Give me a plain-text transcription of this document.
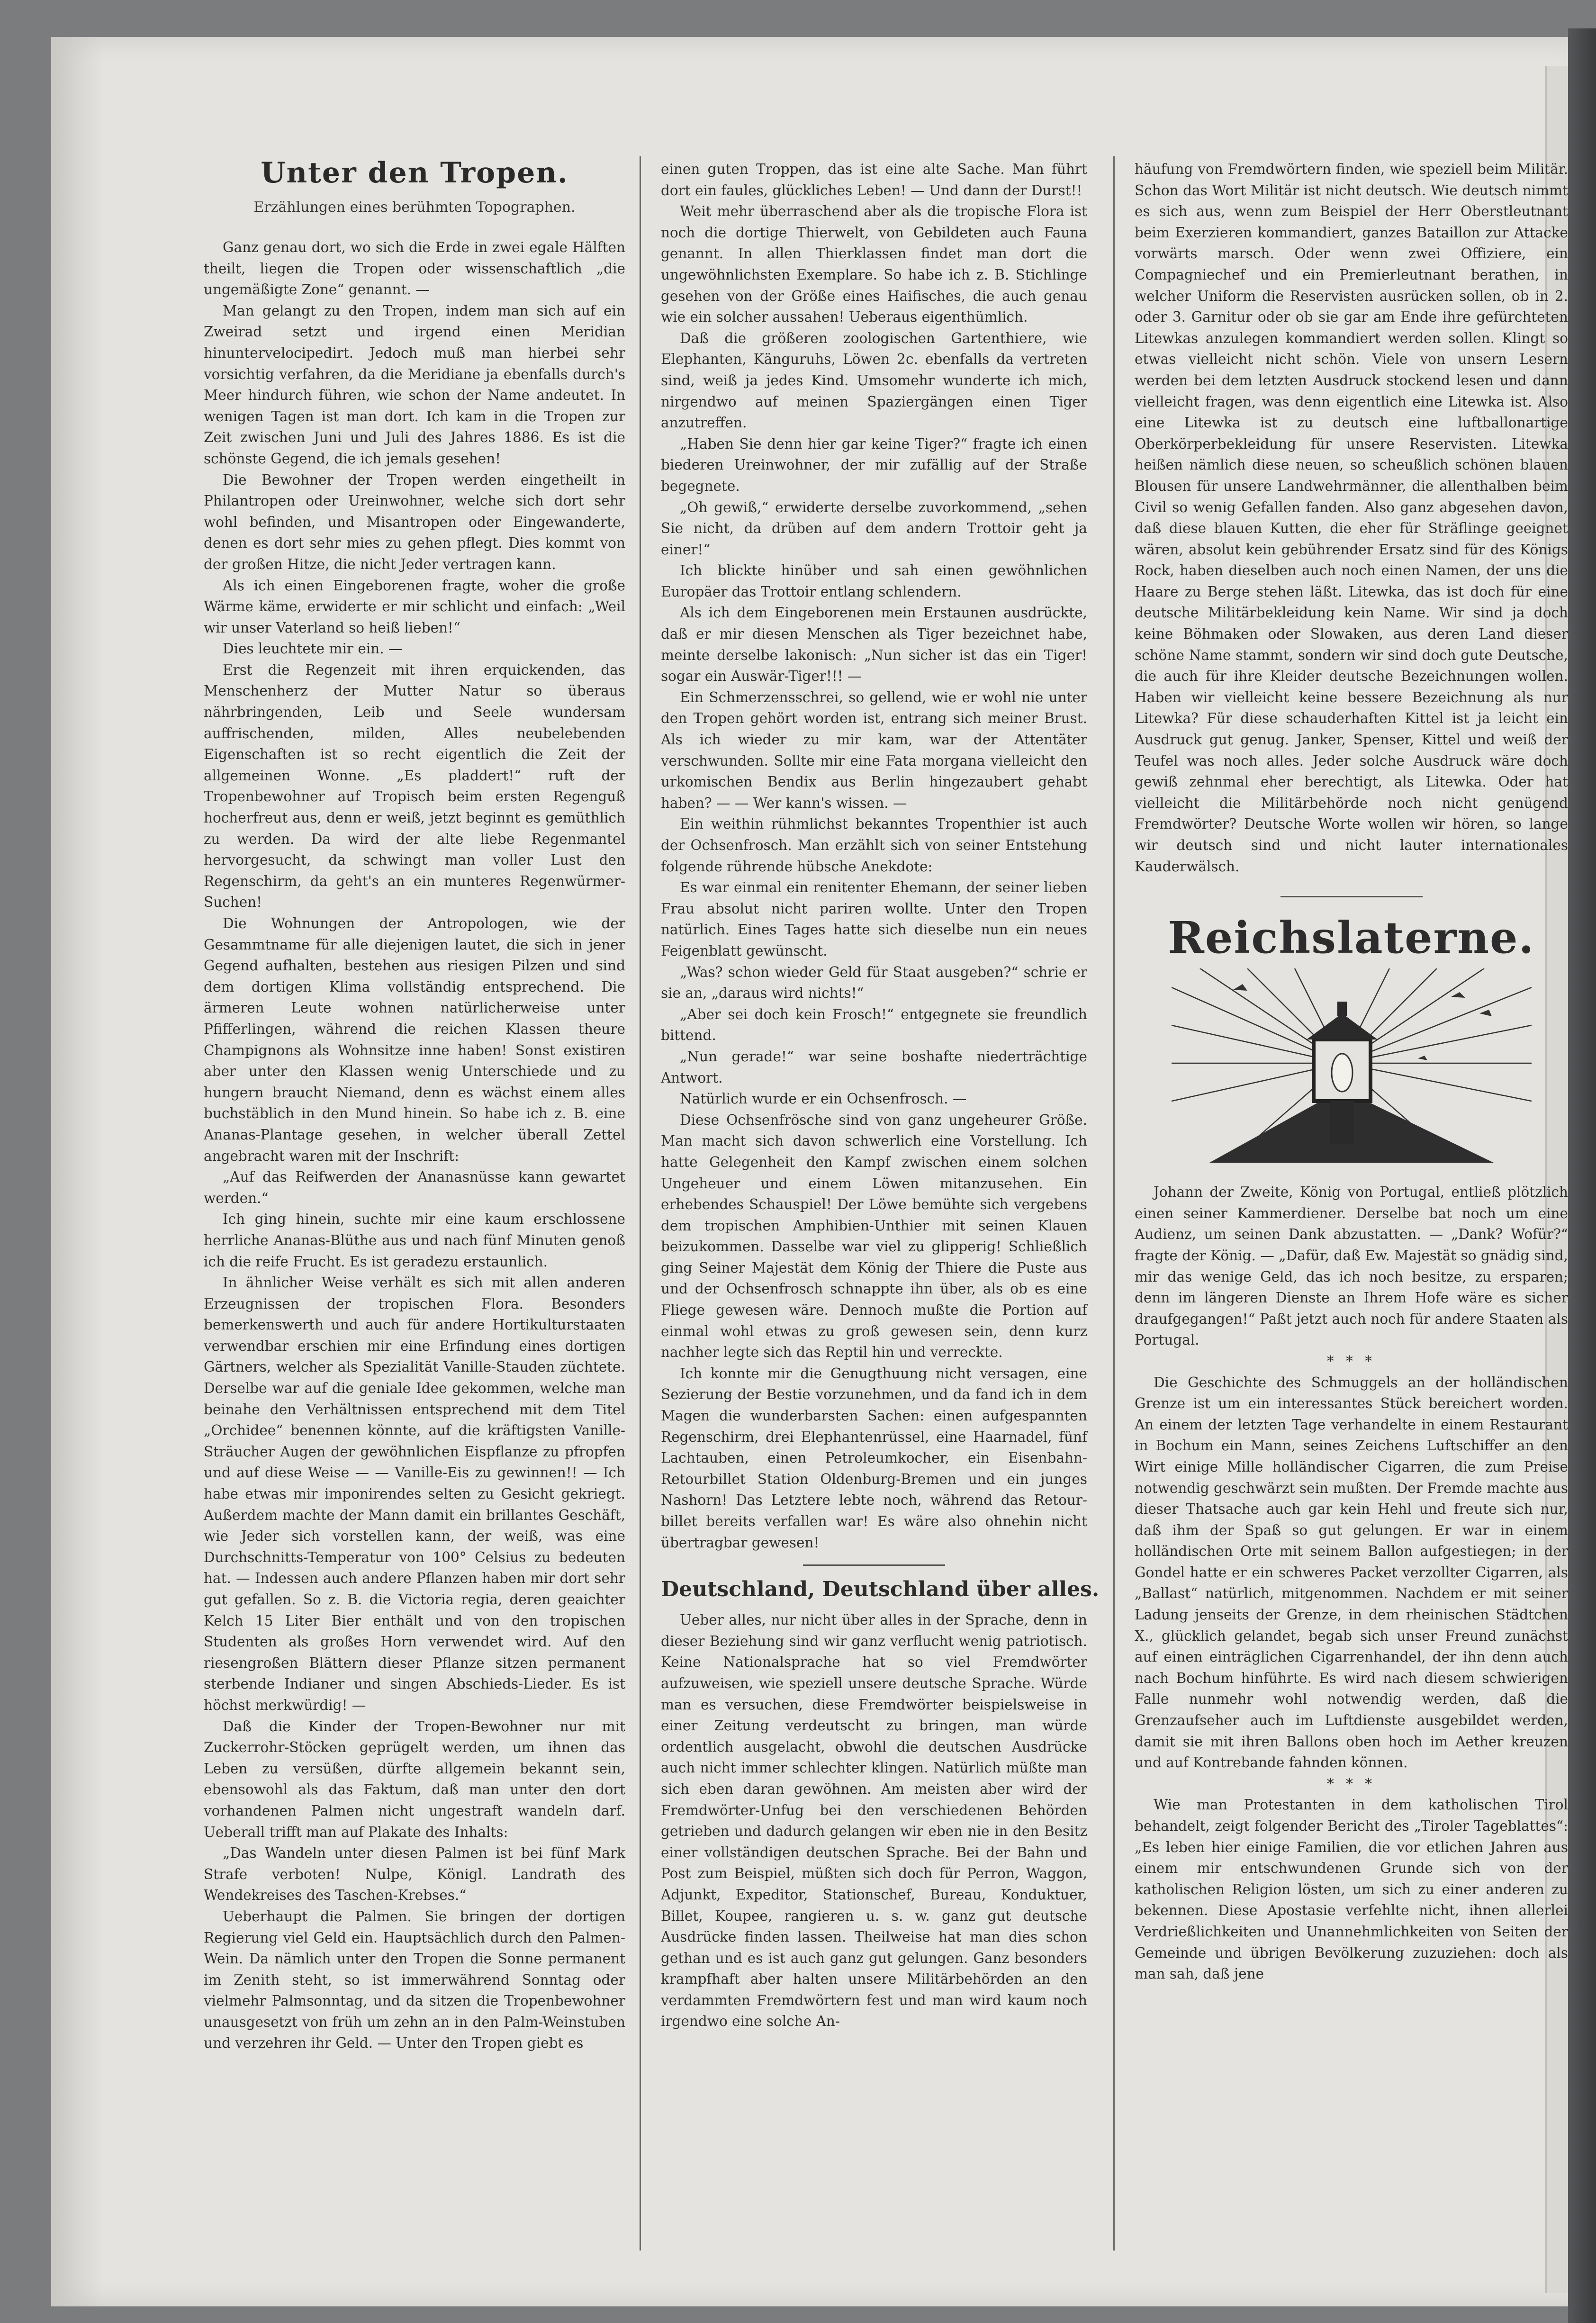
Unter den Tropen.
Erzählungen eines berühmten Topographen.

Ganz genau dort, wo sich die Erde in zwei egale Hälften theilt, liegen die Tropen oder wissenschaftlich „die ungemäßigte Zone“ genannt. —

Man gelangt zu den Tropen, indem man sich auf ein Zweirad setzt und irgend einen Meridian hinuntervelocipedirt. Jedoch muß man hierbei sehr vorsichtig verfahren, da die Meridiane ja ebenfalls durch's Meer hindurch führen, wie schon der Name andeutet. In wenigen Tagen ist man dort. Ich kam in die Tropen zur Zeit zwischen Juni und Juli des Jahres 1886. Es ist die schönste Gegend, die ich jemals gesehen!

Die Bewohner der Tropen werden eingetheilt in Philantropen oder Ureinwohner, welche sich dort sehr wohl befinden, und Misantropen oder Eingewanderte, denen es dort sehr mies zu gehen pflegt. Dies kommt von der großen Hitze, die nicht Jeder vertragen kann.

Als ich einen Eingeborenen fragte, woher die große Wärme käme, erwiderte er mir schlicht und einfach: „Weil wir unser Vaterland so heiß lieben!“

Dies leuchtete mir ein. —

Erst die Regenzeit mit ihren erquickenden, das Menschenherz der Mutter Natur so überaus nährbringenden, Leib und Seele wundersam auffrischenden, milden, Alles neubelebenden Eigenschaften ist so recht eigentlich die Zeit der allgemeinen Wonne. „Es pladdert!“ ruft der Tropenbewohner auf Tropisch beim ersten Regenguß hocherfreut aus, denn er weiß, jetzt beginnt es gemüthlich zu werden. Da wird der alte liebe Regenmantel hervorgesucht, da schwingt man voller Lust den Regenschirm, da geht's an ein munteres Regenwürmer-Suchen!

Die Wohnungen der Antropologen, wie der Gesammtname für alle diejenigen lautet, die sich in jener Gegend aufhalten, bestehen aus riesigen Pilzen und sind dem dortigen Klima vollständig entsprechend. Die ärmeren Leute wohnen natürlicherweise unter Pfifferlingen, während die reichen Klassen theure Champignons als Wohnsitze inne haben! Sonst existiren aber unter den Klassen wenig Unterschiede und zu hungern braucht Niemand, denn es wächst einem alles buchstäblich in den Mund hinein. So habe ich z. B. eine Ananas-Plantage gesehen, in welcher überall Zettel angebracht waren mit der Inschrift:

„Auf das Reifwerden der Ananasnüsse kann gewartet werden.“

Ich ging hinein, suchte mir eine kaum erschlossene herrliche Ananas-Blüthe aus und nach fünf Minuten genoß ich die reife Frucht. Es ist geradezu erstaunlich.

In ähnlicher Weise verhält es sich mit allen anderen Erzeugnissen der tropischen Flora. Besonders bemerkenswerth und auch für andere Hortikulturstaaten verwendbar erschien mir eine Erfindung eines dortigen Gärtners, welcher als Spezialität Vanille-Stauden züchtete. Derselbe war auf die geniale Idee gekommen, welche man beinahe den Verhältnissen entsprechend mit dem Titel „Orchidee“ benennen könnte, auf die kräftigsten Vanille-Sträucher Augen der gewöhnlichen Eispflanze zu pfropfen und auf diese Weise — — Vanille-Eis zu gewinnen!! — Ich habe etwas mir imponirendes selten zu Gesicht gekriegt. Außerdem machte der Mann damit ein brillantes Geschäft, wie Jeder sich vorstellen kann, der weiß, was eine Durchschnitts-Temperatur von 100° Celsius zu bedeuten hat. — Indessen auch andere Pflanzen haben mir dort sehr gut gefallen. So z. B. die Victoria regia, deren geaichter Kelch 15 Liter Bier enthält und von den tropischen Studenten als großes Horn verwendet wird. Auf den riesengroßen Blättern dieser Pflanze sitzen permanent sterbende Indianer und singen Abschieds-Lieder. Es ist höchst merkwürdig! —

Daß die Kinder der Tropen-Bewohner nur mit Zuckerrohr-Stöcken geprügelt werden, um ihnen das Leben zu versüßen, dürfte allgemein bekannt sein, ebensowohl als das Faktum, daß man unter den dort vorhandenen Palmen nicht ungestraft wandeln darf. Ueberall trifft man auf Plakate des Inhalts:

„Das Wandeln unter diesen Palmen ist bei fünf Mark Strafe verboten! Nulpe, Königl. Landrath des Wendekreises des Taschen-Krebses.“

Ueberhaupt die Palmen. Sie bringen der dortigen Regierung viel Geld ein. Hauptsächlich durch den Palmen-Wein. Da nämlich unter den Tropen die Sonne permanent im Zenith steht, so ist immerwährend Sonntag oder vielmehr Palmsonntag, und da sitzen die Tropenbewohner unausgesetzt von früh um zehn an in den Palm-Weinstuben und verzehren ihr Geld. — Unter den Tropen giebt es

einen guten Troppen, das ist eine alte Sache. Man führt dort ein faules, glückliches Leben! — Und dann der Durst!!

Weit mehr überraschend aber als die tropische Flora ist noch die dortige Thierwelt, von Gebildeten auch Fauna genannt. In allen Thierklassen findet man dort die ungewöhnlichsten Exemplare. So habe ich z. B. Stichlinge gesehen von der Größe eines Haifisches, die auch genau wie ein solcher aussahen! Ueberaus eigenthümlich.

Daß die größeren zoologischen Gartenthiere, wie Elephanten, Känguruhs, Löwen 2c. ebenfalls da vertreten sind, weiß ja jedes Kind. Umsomehr wunderte ich mich, nirgendwo auf meinen Spaziergängen einen Tiger anzutreffen.

„Haben Sie denn hier gar keine Tiger?“ fragte ich einen biederen Ureinwohner, der mir zufällig auf der Straße begegnete.

„Oh gewiß,“ erwiderte derselbe zuvorkommend, „sehen Sie nicht, da drüben auf dem andern Trottoir geht ja einer!“

Ich blickte hinüber und sah einen gewöhnlichen Europäer das Trottoir entlang schlendern.

Als ich dem Eingeborenen mein Erstaunen ausdrückte, daß er mir diesen Menschen als Tiger bezeichnet habe, meinte derselbe lakonisch: „Nun sicher ist das ein Tiger! sogar ein Auswär-Tiger!!! —

Ein Schmerzensschrei, so gellend, wie er wohl nie unter den Tropen gehört worden ist, entrang sich meiner Brust. Als ich wieder zu mir kam, war der Attentäter verschwunden. Sollte mir eine Fata morgana vielleicht den urkomischen Bendix aus Berlin hingezaubert gehabt haben? — — Wer kann's wissen. —

Ein weithin rühmlichst bekanntes Tropenthier ist auch der Ochsenfrosch. Man erzählt sich von seiner Entstehung folgende rührende hübsche Anekdote:

Es war einmal ein renitenter Ehemann, der seiner lieben Frau absolut nicht pariren wollte. Unter den Tropen natürlich. Eines Tages hatte sich dieselbe nun ein neues Feigenblatt gewünscht.

„Was? schon wieder Geld für Staat ausgeben?“ schrie er sie an, „daraus wird nichts!“

„Aber sei doch kein Frosch!“ entgegnete sie freundlich bittend.

„Nun gerade!“ war seine boshafte niederträchtige Antwort.

Natürlich wurde er ein Ochsenfrosch. —

Diese Ochsenfrösche sind von ganz ungeheurer Größe. Man macht sich davon schwerlich eine Vorstellung. Ich hatte Gelegenheit den Kampf zwischen einem solchen Ungeheuer und einem Löwen mitanzusehen. Ein erhebendes Schauspiel! Der Löwe bemühte sich vergebens dem tropischen Amphibien-Unthier mit seinen Klauen beizukommen. Dasselbe war viel zu glipperig! Schließlich ging Seiner Majestät dem König der Thiere die Puste aus und der Ochsenfrosch schnappte ihn über, als ob es eine Fliege gewesen wäre. Dennoch mußte die Portion auf einmal wohl etwas zu groß gewesen sein, denn kurz nachher legte sich das Reptil hin und verreckte.

Ich konnte mir die Genugthuung nicht versagen, eine Sezierung der Bestie vorzunehmen, und da fand ich in dem Magen die wunderbarsten Sachen: einen aufgespannten Regenschirm, drei Elephantenrüssel, eine Haarnadel, fünf Lachtauben, einen Petroleumkocher, ein Eisenbahn-Retourbillet Station Oldenburg-Bremen und ein junges Nashorn! Das Letztere lebte noch, während das Retour-billet bereits verfallen war! Es wäre also ohnehin nicht übertragbar gewesen!

Deutschland, Deutschland über alles.

Ueber alles, nur nicht über alles in der Sprache, denn in dieser Beziehung sind wir ganz verflucht wenig patriotisch. Keine Nationalsprache hat so viel Fremdwörter aufzuweisen, wie speziell unsere deutsche Sprache. Würde man es versuchen, diese Fremdwörter beispielsweise in einer Zeitung verdeutscht zu bringen, man würde ordentlich ausgelacht, obwohl die deutschen Ausdrücke auch nicht immer schlechter klingen. Natürlich müßte man sich eben daran gewöhnen. Am meisten aber wird der Fremdwörter-Unfug bei den verschiedenen Behörden getrieben und dadurch gelangen wir eben nie in den Besitz einer vollständigen deutschen Sprache. Bei der Bahn und Post zum Beispiel, müßten sich doch für Perron, Waggon, Adjunkt, Expeditor, Stationschef, Bureau, Konduktuer, Billet, Koupee, rangieren u. s. w. ganz gut deutsche Ausdrücke finden lassen. Theilweise hat man dies schon gethan und es ist auch ganz gut gelungen. Ganz besonders krampfhaft aber halten unsere Militärbehörden an den verdammten Fremdwörtern fest und man wird kaum noch irgendwo eine solche An-

häufung von Fremdwörtern finden, wie speziell beim Militär. Schon das Wort Militär ist nicht deutsch. Wie deutsch nimmt es sich aus, wenn zum Beispiel der Herr Oberstleutnant beim Exerzieren kommandiert, ganzes Bataillon zur Attacke vorwärts marsch. Oder wenn zwei Offiziere, ein Compagniechef und ein Premierleutnant berathen, in welcher Uniform die Reservisten ausrücken sollen, ob in 2. oder 3. Garnitur oder ob sie gar am Ende ihre gefürchteten Litewkas anzulegen kommandiert werden sollen. Klingt so etwas vielleicht nicht schön. Viele von unsern Lesern werden bei dem letzten Ausdruck stockend lesen und dann vielleicht fragen, was denn eigentlich eine Litewka ist. Also eine Litewka ist zu deutsch eine luftballonartige Oberkörperbekleidung für unsere Reservisten. Litewka heißen nämlich diese neuen, so scheußlich schönen blauen Blousen für unsere Landwehrmänner, die allenthalben beim Civil so wenig Gefallen fanden. Also ganz abgesehen davon, daß diese blauen Kutten, die eher für Sträflinge geeignet wären, absolut kein gebührender Ersatz sind für des Königs Rock, haben dieselben auch noch einen Namen, der uns die Haare zu Berge stehen läßt. Litewka, das ist doch für eine deutsche Militärbekleidung kein Name. Wir sind ja doch keine Böhmaken oder Slowaken, aus deren Land dieser schöne Name stammt, sondern wir sind doch gute Deutsche, die auch für ihre Kleider deutsche Bezeichnungen wollen. Haben wir vielleicht keine bessere Bezeichnung als nur Litewka? Für diese schauderhaften Kittel ist ja leicht ein Ausdruck gut genug. Janker, Spenser, Kittel und weiß der Teufel was noch alles. Jeder solche Ausdruck wäre doch gewiß zehnmal eher berechtigt, als Litewka. Oder hat vielleicht die Militärbehörde noch nicht genügend Fremdwörter? Deutsche Worte wollen wir hören, so lange wir deutsch sind und nicht lauter internationales Kauderwälsch.

Reichslaterne.

Johann der Zweite, König von Portugal, entließ plötzlich einen seiner Kammerdiener. Derselbe bat noch um eine Audienz, um seinen Dank abzustatten. — „Dank? Wofür?“ fragte der König. — „Dafür, daß Ew. Majestät so gnädig sind, mir das wenige Geld, das ich noch besitze, zu ersparen; denn im längeren Dienste an Ihrem Hofe wäre es sicher draufgegangen!“ Paßt jetzt auch noch für andere Staaten als Portugal.

* * *

Die Geschichte des Schmuggels an der holländischen Grenze ist um ein interessantes Stück bereichert worden. An einem der letzten Tage verhandelte in einem Restaurant in Bochum ein Mann, seines Zeichens Luftschiffer an den Wirt einige Mille holländischer Cigarren, die zum Preise notwendig geschwärzt sein mußten. Der Fremde machte aus dieser Thatsache auch gar kein Hehl und freute sich nur, daß ihm der Spaß so gut gelungen. Er war in einem holländischen Orte mit seinem Ballon aufgestiegen; in der Gondel hatte er ein schweres Packet verzollter Cigarren, als „Ballast“ natürlich, mitgenommen. Nachdem er mit seiner Ladung jenseits der Grenze, in dem rheinischen Städtchen X., glücklich gelandet, begab sich unser Freund zunächst auf einen einträglichen Cigarrenhandel, der ihn denn auch nach Bochum hinführte. Es wird nach diesem schwierigen Falle nunmehr wohl notwendig werden, daß die Grenzaufseher auch im Luftdienste ausgebildet werden, damit sie mit ihren Ballons oben hoch im Aether kreuzen und auf Kontrebande fahnden können.

* * *

Wie man Protestanten in dem katholischen Tirol behandelt, zeigt folgender Bericht des „Tiroler Tageblattes“: „Es leben hier einige Familien, die vor etlichen Jahren aus einem mir entschwundenen Grunde sich von der katholischen Religion lösten, um sich zu einer anderen zu bekennen. Diese Apostasie verfehlte nicht, ihnen allerlei Verdrießlichkeiten und Unannehmlichkeiten von Seiten der Gemeinde und übrigen Bevölkerung zuzuziehen: doch als man sah, daß jene
